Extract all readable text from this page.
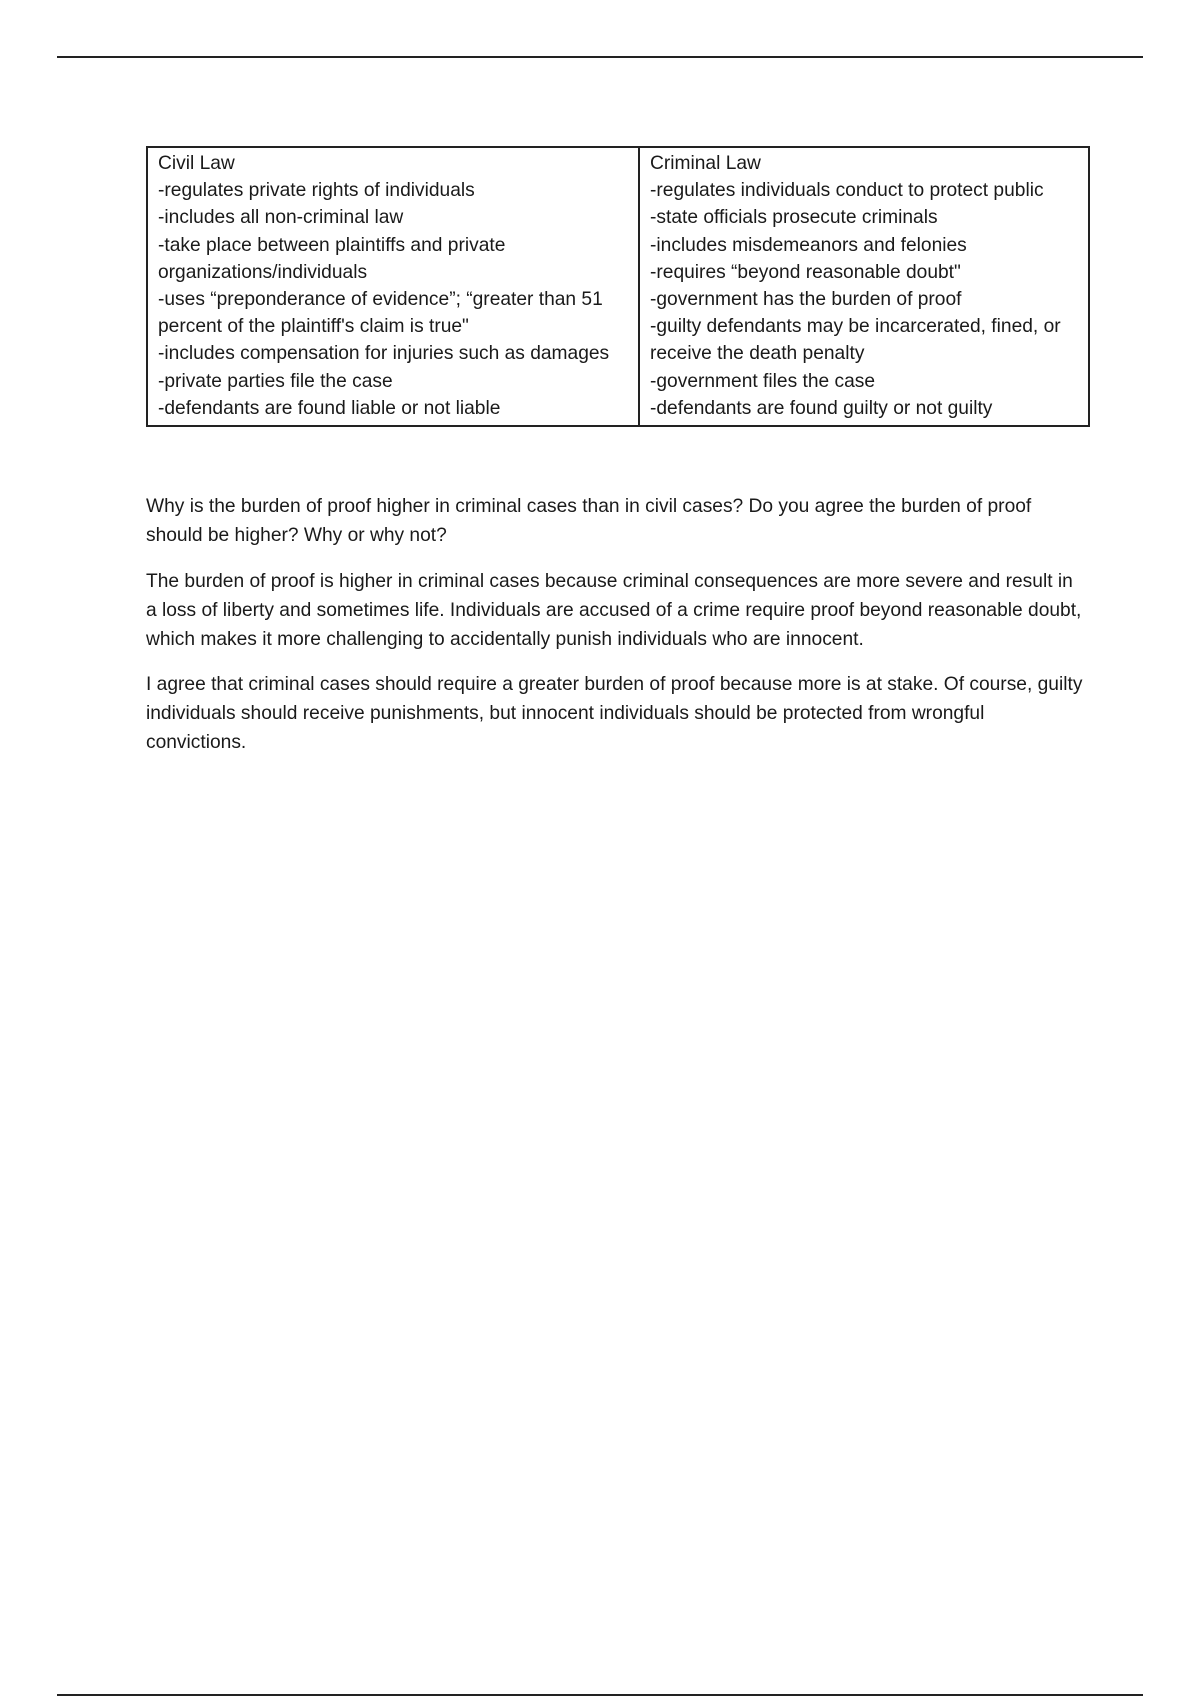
Civil Law
-regulates private rights of individuals
-includes all non-criminal law
-take place between plaintiffs and private organizations/individuals
-uses “preponderance of evidence”; “greater than 51 percent of the plaintiff's claim is true"
-includes compensation for injuries such as damages
-private parties file the case
-defendants are found liable or not liable

Criminal Law
-regulates individuals conduct to protect public
-state officials prosecute criminals
-includes misdemeanors and felonies
-requires “beyond reasonable doubt"
-government has the burden of proof
-guilty defendants may be incarcerated, fined, or receive the death penalty
-government files the case
-defendants are found guilty or not guilty

Why is the burden of proof higher in criminal cases than in civil cases? Do you agree the burden of proof should be higher? Why or why not?

The burden of proof is higher in criminal cases because criminal consequences are more severe and result in a loss of liberty and sometimes life. Individuals are accused of a crime require proof beyond reasonable doubt, which makes it more challenging to accidentally punish individuals who are innocent.

I agree that criminal cases should require a greater burden of proof because more is at stake. Of course, guilty individuals should receive punishments, but innocent individuals should be protected from wrongful convictions.
